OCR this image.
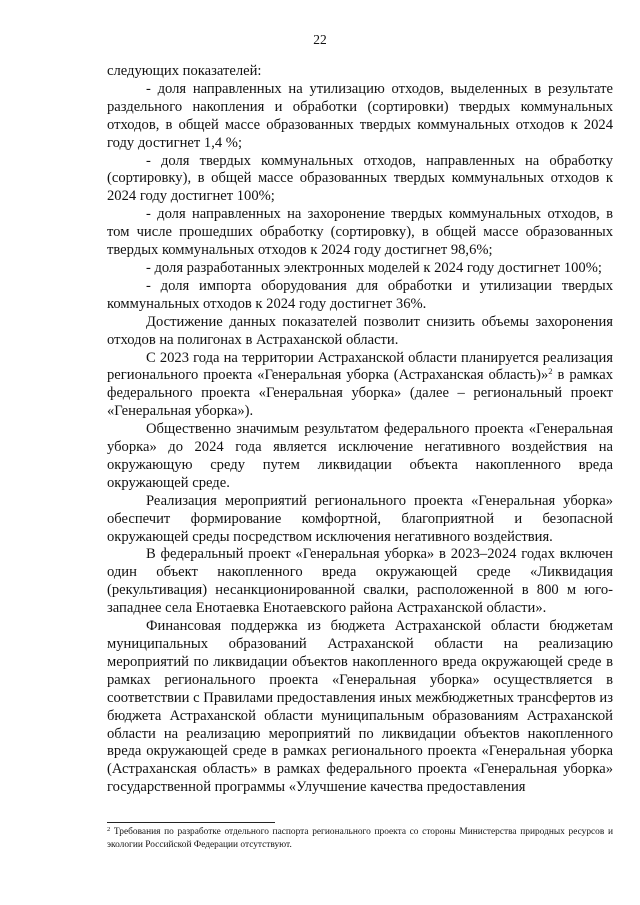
22

следующих показателей:

- доля направленных на утилизацию отходов, выделенных в результате раздельного накопления и обработки (сортировки) твердых коммунальных отходов, в общей массе образованных твердых коммунальных отходов к 2024 году достигнет 1,4 %;

- доля твердых коммунальных отходов, направленных на обработку (сортировку), в общей массе образованных твердых коммунальных отходов к 2024 году достигнет 100%;

- доля направленных на захоронение твердых коммунальных отходов, в том числе прошедших обработку (сортировку), в общей массе образованных твердых коммунальных отходов к 2024 году достигнет 98,6%;

- доля разработанных электронных моделей к 2024 году достигнет 100%;

- доля импорта оборудования для обработки и утилизации твердых коммунальных отходов к 2024 году достигнет 36%.

Достижение данных показателей позволит снизить объемы захоронения отходов на полигонах в Астраханской области.

С 2023 года на территории Астраханской области планируется реализация регионального проекта «Генеральная уборка (Астраханская область)»$^2$ в рамках федерального проекта «Генеральная уборка» (далее – региональный проект «Генеральная уборка»).

Общественно значимым результатом федерального проекта «Генеральная уборка» до 2024 года является исключение негативного воздействия на окружающую среду путем ликвидации объекта накопленного вреда окружающей среде.

Реализация мероприятий регионального проекта «Генеральная уборка» обеспечит формирование комфортной, благоприятной и безопасной окружающей среды посредством исключения негативного воздействия.

В федеральный проект «Генеральная уборка» в 2023–2024 годах включен один объект накопленного вреда окружающей среде «Ликвидация (рекультивация) несанкционированной свалки, расположенной в 800 м юго-западнее села Енотаевка Енотаевского района Астраханской области».

Финансовая поддержка из бюджета Астраханской области бюджетам муниципальных образований Астраханской области на реализацию мероприятий по ликвидации объектов накопленного вреда окружающей среде в рамках регионального проекта «Генеральная уборка» осуществляется в соответствии с Правилами предоставления иных межбюджетных трансфертов из бюджета Астраханской области муниципальным образованиям Астраханской области на реализацию мероприятий по ликвидации объектов накопленного вреда окружающей среде в рамках регионального проекта «Генеральная уборка (Астраханская область» в рамках федерального проекта «Генеральная уборка» государственной программы «Улучшение качества предоставления

$^2$ Требования по разработке отдельного паспорта регионального проекта со стороны Министерства природных ресурсов и экологии Российской Федерации отсутствуют.
